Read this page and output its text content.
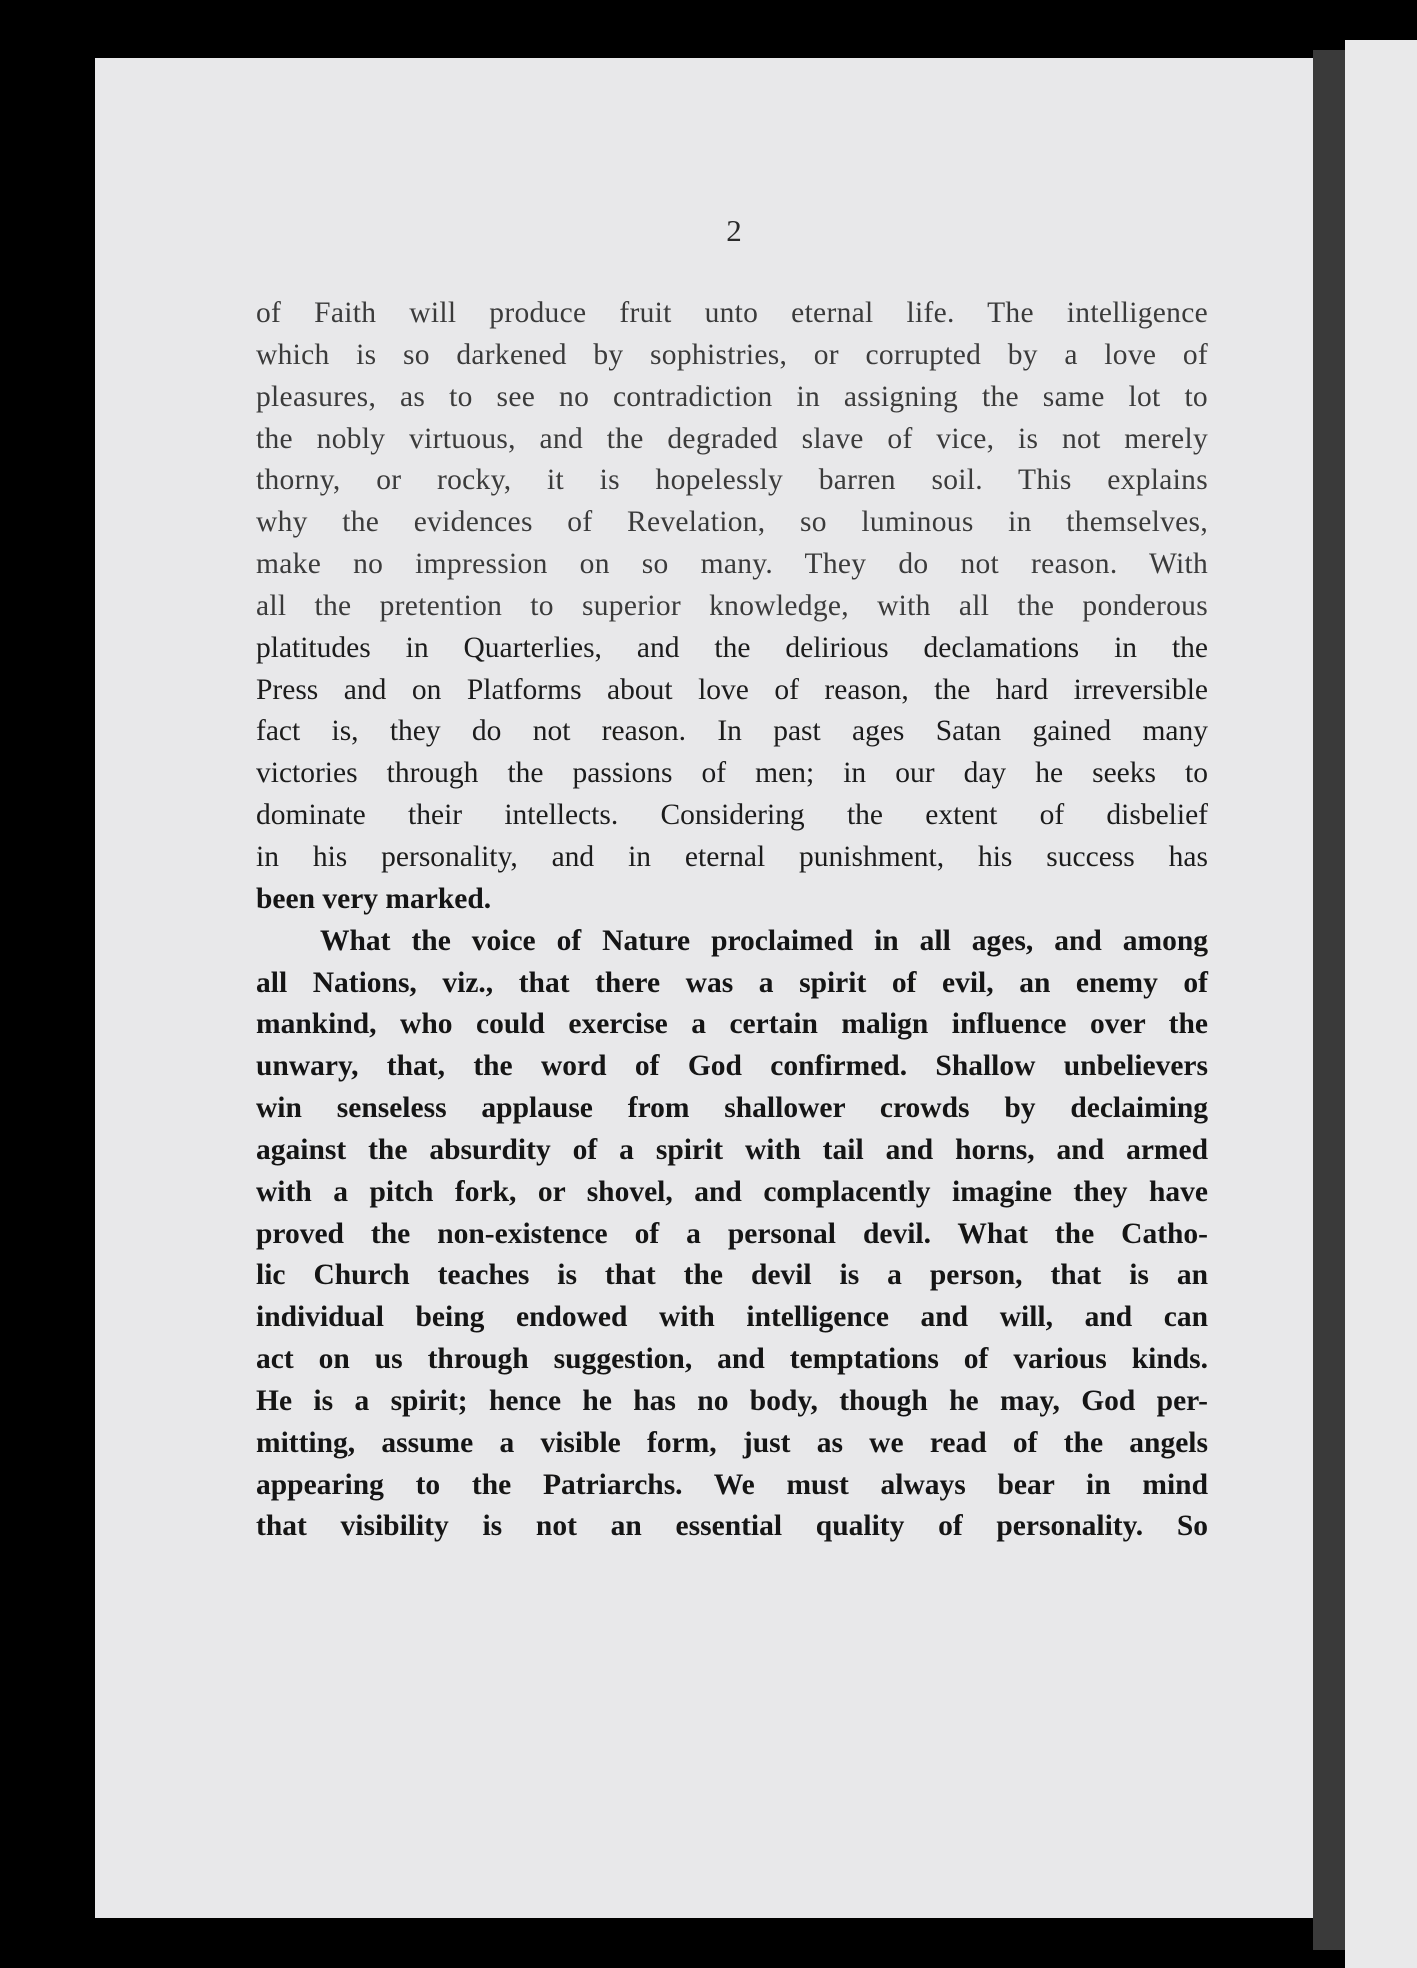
2
of Faith will produce fruit unto eternal life. The intelligence
which is so darkened by sophistries, or corrupted by a love of
pleasures, as to see no contradiction in assigning the same lot to
the nobly virtuous, and the degraded slave of vice, is not merely
thorny, or rocky, it is hopelessly barren soil. This explains
why the evidences of Revelation, so luminous in themselves,
make no impression on so many. They do not reason. With
all the pretention to superior knowledge, with all the ponderous
platitudes in Quarterlies, and the delirious declamations in the
Press and on Platforms about love of reason, the hard irreversible
fact is, they do not reason. In past ages Satan gained many
victories through the passions of men; in our day he seeks to
dominate their intellects. Considering the extent of disbelief
in his personality, and in eternal punishment, his success has
been very marked.
What the voice of Nature proclaimed in all ages, and among
all Nations, viz., that there was a spirit of evil, an enemy of
mankind, who could exercise a certain malign influence over the
unwary, that, the word of God confirmed. Shallow unbelievers
win senseless applause from shallower crowds by declaiming
against the absurdity of a spirit with tail and horns, and armed
with a pitch fork, or shovel, and complacently imagine they have
proved the non-existence of a personal devil. What the Catho-
lic Church teaches is that the devil is a person, that is an
individual being endowed with intelligence and will, and can
act on us through suggestion, and temptations of various kinds.
He is a spirit; hence he has no body, though he may, God per-
mitting, assume a visible form, just as we read of the angels
appearing to the Patriarchs. We must always bear in mind
that visibility is not an essential quality of personality. So
